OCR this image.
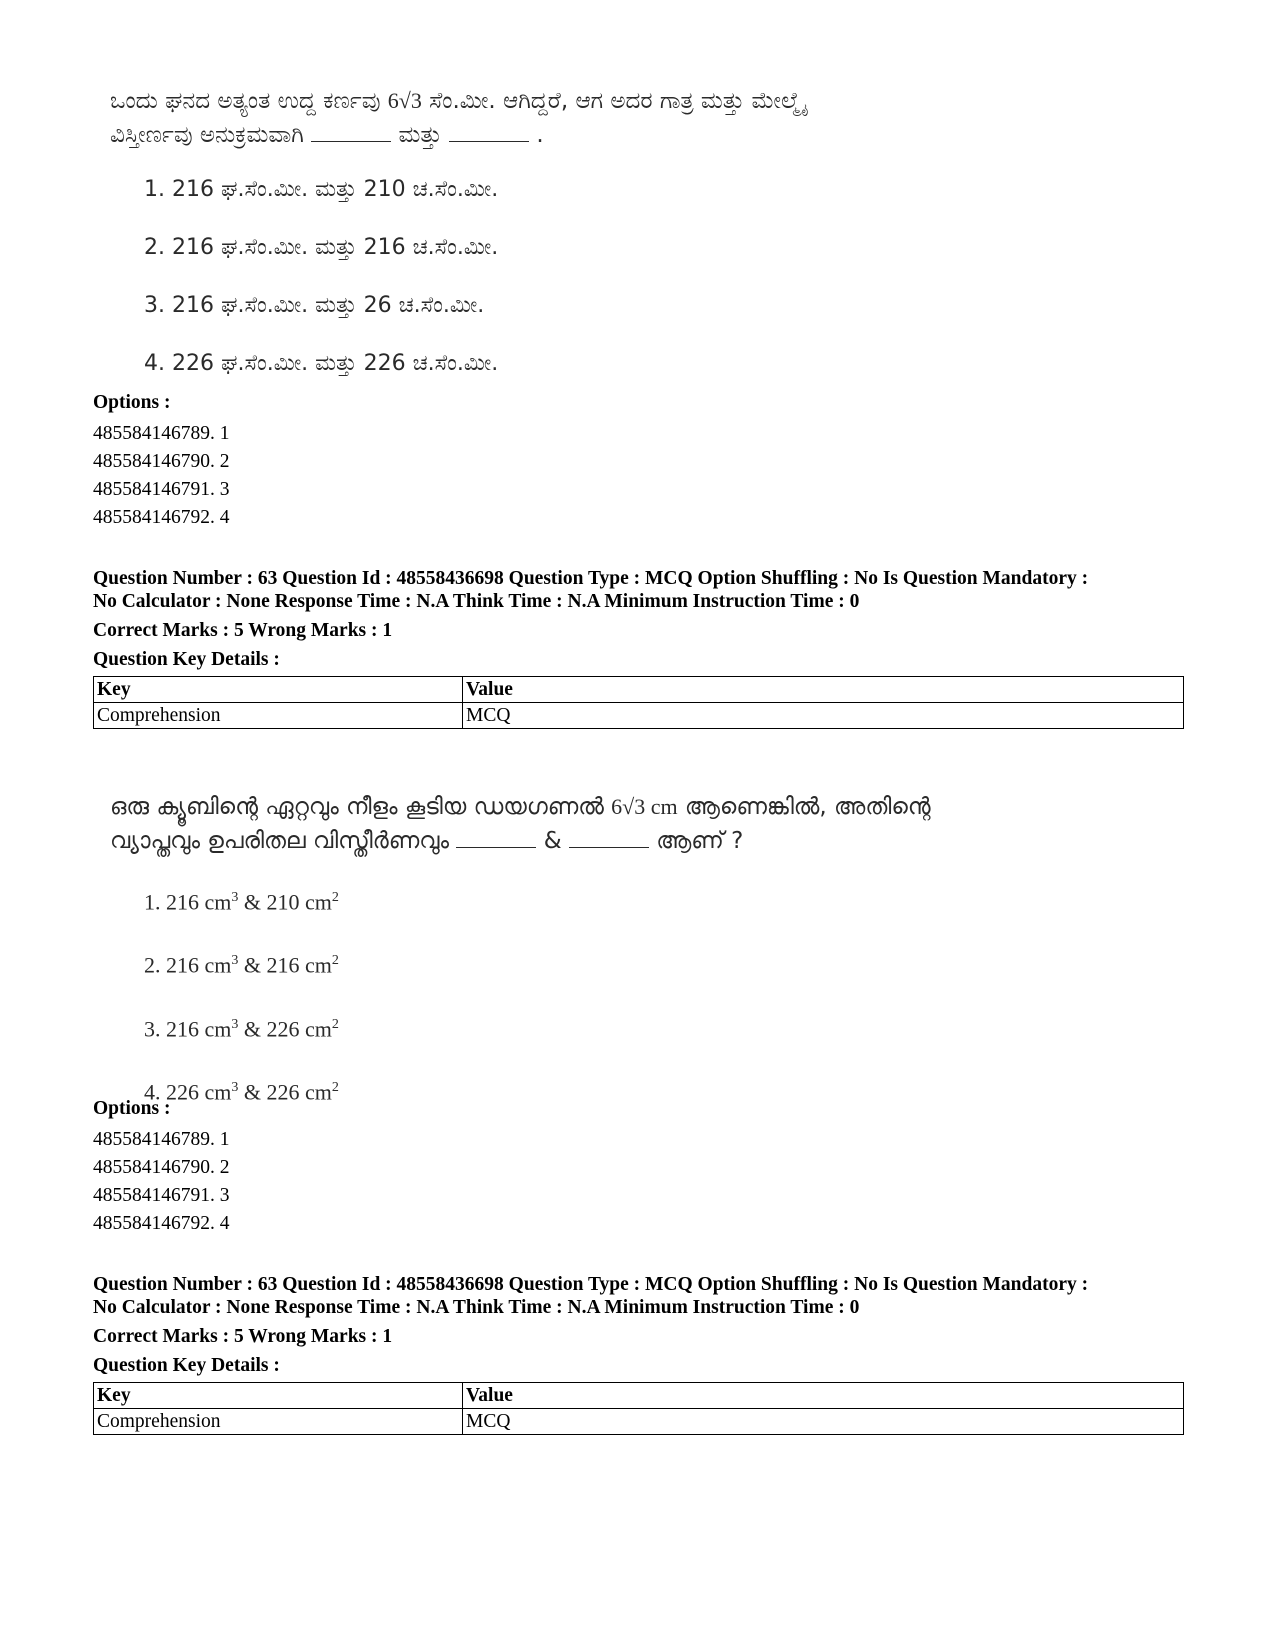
ಒಂದು ಘನದ ಅತ್ಯಂತ ಉದ್ದ ಕರ್ಣವು 6√3 ಸೆಂ.ಮೀ. ಆಗಿದ್ದರೆ, ಆಗ ಅದರ ಗಾತ್ರ ಮತ್ತು ಮೇಲ್ಮೈ
ವಿಸ್ತೀರ್ಣವು ಅನುಕ್ರಮವಾಗಿ	ಮತ್ತು	.

1. 216 ಘ.ಸೆಂ.ಮೀ. ಮತ್ತು 210 ಚ.ಸೆಂ.ಮೀ.
2. 216 ಘ.ಸೆಂ.ಮೀ. ಮತ್ತು 216 ಚ.ಸೆಂ.ಮೀ.
3. 216 ಘ.ಸೆಂ.ಮೀ. ಮತ್ತು 26 ಚ.ಸೆಂ.ಮೀ.
4. 226 ಘ.ಸೆಂ.ಮೀ. ಮತ್ತು 226 ಚ.ಸೆಂ.ಮೀ.

Options :

485584146789. 1

485584146790. 2

485584146791. 3

485584146792. 4

Question Number : 63 Question Id : 48558436698 Question Type : MCQ Option Shuffling : No Is Question Mandatory :

No Calculator : None Response Time : N.A Think Time : N.A Minimum Instruction Time : 0

Correct Marks : 5 Wrong Marks : 1

Question Key Details :

Key	Value
Comprehension	MCQ

ഒരു ക്യൂബിന്റെ ഏറ്റവും നീളം കൂടിയ ഡയഗണൽ 6√3 cm ആണെങ്കിൽ, അതിന്റെ
വ്യാപ്തവും ഉപരിതല വിസ്തീർണവും	&	ആണ് ?

1. 216 $cm^3$ & 210 $cm^2$
2. 216 $cm^3$ & 216 $cm^2$
3. 216 $cm^3$ & 226 $cm^2$
4. 226 $cm^3$ & 226 $cm^2$

Options :

485584146789. 1

485584146790. 2

485584146791. 3

485584146792. 4

Question Number : 63 Question Id : 48558436698 Question Type : MCQ Option Shuffling : No Is Question Mandatory :

No Calculator : None Response Time : N.A Think Time : N.A Minimum Instruction Time : 0

Correct Marks : 5 Wrong Marks : 1

Question Key Details :

Key	Value
Comprehension	MCQ
